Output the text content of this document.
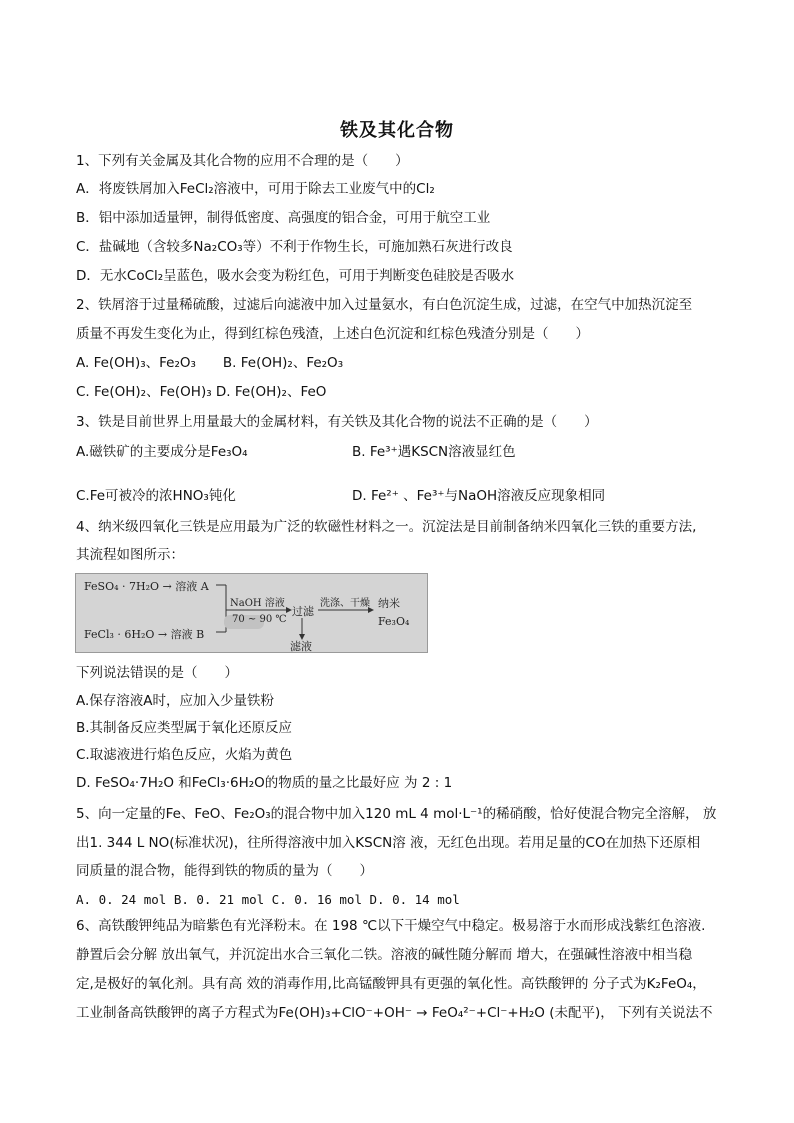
铁及其化合物
1、下列有关金属及其化合物的应用不合理的是（　　）
A．将废铁屑加入FeCl₂溶液中，可用于除去工业废气中的Cl₂
B．铝中添加适量钾，制得低密度、高强度的铝合金，可用于航空工业
C．盐碱地（含较多Na₂CO₃等）不利于作物生长，可施加熟石灰进行改良
D．无水CoCl₂呈蓝色，吸水会变为粉红色，可用于判断变色硅胶是否吸水
2、铁屑溶于过量稀硫酸，过滤后向滤液中加入过量氨水，有白色沉淀生成，过滤，在空气中加热沉淀至
质量不再发生变化为止，得到红棕色残渣，上述白色沉淀和红棕色残渣分别是（　　）
A. Fe(OH)₃、Fe₂O₃　　B. Fe(OH)₂、Fe₂O₃
C. Fe(OH)₂、Fe(OH)₃ D. Fe(OH)₂、FeO
3、铁是目前世界上用量最大的金属材料，有关铁及其化合物的说法不正确的是（　　）
A.磁铁矿的主要成分是Fe₃O₄	B. Fe³⁺遇KSCN溶液显红色
C.Fe可被冷的浓HNO₃钝化	D. Fe²⁺ 、Fe³⁺与NaOH溶液反应现象相同
4、纳米级四氧化三铁是应用最为广泛的软磁性材料之一。沉淀法是目前制备纳米四氧化三铁的重要方法,
其流程如图所示：
FeSO₄ · 7H₂O → 溶液 A
FeCl₃ · 6H₂O → 溶液 B
NaOH 溶液
70 ~ 90 ℃
过滤
洗涤、干燥 纳米
Fe₃O₄
滤液
下列说法错误的是（　　）
A.保存溶液A时，应加入少量铁粉
B.其制备反应类型属于氧化还原反应
C.取滤液进行焰色反应，火焰为黄色
D. FeSO₄·7H₂O 和FeCl₃·6H₂O的物质的量之比最好应 为 2 : 1
5、向一定量的Fe、FeO、Fe₂O₃的混合物中加入120 mL 4 mol·L⁻¹的稀硝酸，恰好使混合物完全溶解， 放
出1. 344 L NO(标准状况)，往所得溶液中加入KSCN溶 液，无红色出现。若用足量的CO在加热下还原相
同质量的混合物，能得到铁的物质的量为（　　）
A. 0. 24 mol B. 0. 21 mol C. 0. 16 mol D. 0. 14 mol
6、高铁酸钾纯品为暗紫色有光泽粉末。在 198 ℃以下干燥空气中稳定。极易溶于水而形成浅紫红色溶液.
静置后会分解 放出氧气，并沉淀出水合三氧化二铁。溶液的碱性随分解而 增大，在强碱性溶液中相当稳
定,是极好的氧化剂。具有高 效的消毒作用,比高锰酸钾具有更强的氧化性。高铁酸钾的 分子式为K₂FeO₄，
工业制备高铁酸钾的离子方程式为Fe(OH)₃+ClO⁻+OH⁻ → FeO₄²⁻+Cl⁻+H₂O (未配平)， 下列有关说法不
